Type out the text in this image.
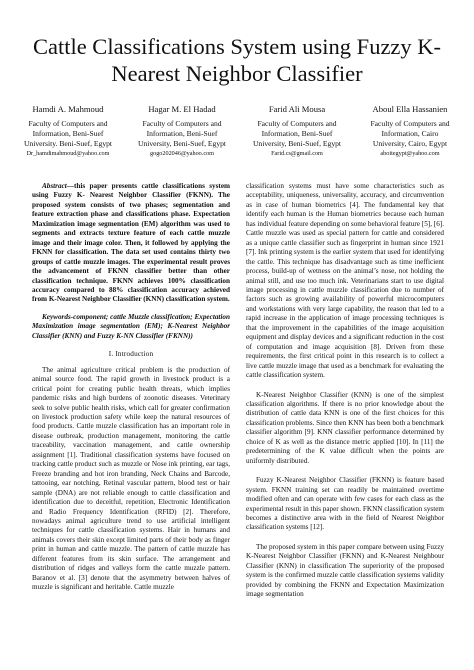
Cattle Classifications System using Fuzzy K- Nearest Neighbor Classifier
Hamdi A. Mahmoud
Faculty of Computers and
Information, Beni-Suef
University. Beni-Suef, Egypt
Dr_hamdimahmoud@yahoo.com
Hagar M. El Hadad
Faculty of Computers and
Information, Beni-Suef
University, Beni-Suef, Egypt
gogo202046@yahoo.com
Farid Ali Mousa
Faculty of Computers and
Information, Beni-Suef
University, Beni-Suef, Egypt
Farid.cs@gmail.com
Aboul Ella Hassanien
Faculty of Computers and
Information, Cairo
University, Cairo, Egypt
aboitegypt@yahoo.com

Abstract—this paper presents cattle classifications system using Fuzzy K- Nearest Neighbor Classifier (FKNN). The proposed system consists of two phases; segmentation and feature extraction phase and classifications phase. Expectation Maximization image segmentation (EM) algorithm was used to segments and extracts texture feature of each cattle muzzle image and their image color. Then, it followed by applying the FKNN for classification. The data set used contains thirty two groups of cattle muzzle images. The experimental result proves the advancement of FKNN classifier better than other classification technique. FKNN achieves 100% classification accuracy compared to 88% classification accuracy achieved from K-Nearest Neighbor Classifier (KNN) classification system.

Keywords-component; cattle Muzzle classification; Expectation Maximization image segmentation (EM); K-Nearest Neighbor Classifier (KNN) and Fuzzy K-NN Classifier (FKNN))

I. Introduction

The animal agriculture critical problem is the production of animal source food. The rapid growth in livestock product is a critical point for creating public health threats, which implies pandemic risks and high burdens of zoonotic diseases. Veterinary seek to solve public health risks, which call for greater confirmation on livestock production safety while keep the natural resources of food products. Cattle muzzle classification has an important role in disease outbreak, production management, monitoring the cattle traceability, vaccination management, and cattle ownership assignment [1]. Traditional classification systems have focused on tracking cattle product such as muzzle or Nose ink printing, ear tags, Freeze branding and hot iron branding, Neck Chains and Barcode, tattooing, ear notching, Retinal vascular pattern, blood test or hair sample (DNA) are not reliable enough to cattle classification and identification due to deceitful, repetition, Electronic Identification and Radio Frequency Identification (RFID) [2]. Therefore, nowadays animal agriculture trend to use artificial intelligent techniques for cattle classification systems. Hair in humans and animals covers their skin except limited parts of their body as finger print in human and cattle muzzle. The pattern of cattle muzzle has different features from its skin surface. The arrangement and distribution of ridges and valleys form the cattle muzzle pattern. Baranov et al. [3] denote that the asymmetry between halves of muzzle is significant and heritable. Cattle muzzle

classification systems must have some characteristics such as acceptability, uniqueness, universality, accuracy, and circumvention as in case of human biometrics [4]. The fundamental key that identify each human is the Human biometrics because each human has individual feature depending on some behavioral feature [5], [6]. Cattle muzzle was used as special pattern for cattle and considered as a unique cattle classifier such as fingerprint in human since 1921 [7]. Ink printing system is the earlier system that used for identifying the cattle. This technique has disadvantage such as time inefficient process, build-up of wetness on the animal’s nose, not holding the animal still, and use too much ink. Veterinarians start to use digital image processing in cattle muzzle classification due to number of factors such as growing availability of powerful microcomputers and workstations with very large capability, the reason that led to a rapid increase in the application of image processing techniques is that the improvement in the capabilities of the image acquisition equipment and display devices and a significant reduction in the cost of computation and image acquisition [8]. Driven from these requirements, the first critical point in this research is to collect a live cattle muzzle image that used as a benchmark for evaluating the cattle classification system.

K-Nearest Neighbor Classifier (KNN) is one of the simplest classification algorithms. If there is no prior knowledge about the distribution of cattle data KNN is one of the first choices for this classification problems. Since then KNN has been both a benchmark classifier algorithm [9]. KNN classifier performance determined by choice of K as well as the distance metric applied [10]. In [11] the predetermining of the K value difficult when the points are uniformly distributed.

Fuzzy K-Nearest Neighbor Classifier (FKNN) is feature based system. FKNN training set can readily be maintained overtime modified often and can operate with few cases for each class as the experimental result in this paper shown. FKNN classification system becomes a distinctive area with in the field of Nearest Neighbor classification systems [12].

The proposed system in this paper compare between using Fuzzy K-Nearest Neighbor Classifier (FKNN) and K-Nearest Neighbour Classifier (KNN) in classification The superiority of the proposed system is the confirmed muzzle cattle classification systems validity provided by combining the FKNN and Expectation Maximization image segmentation
